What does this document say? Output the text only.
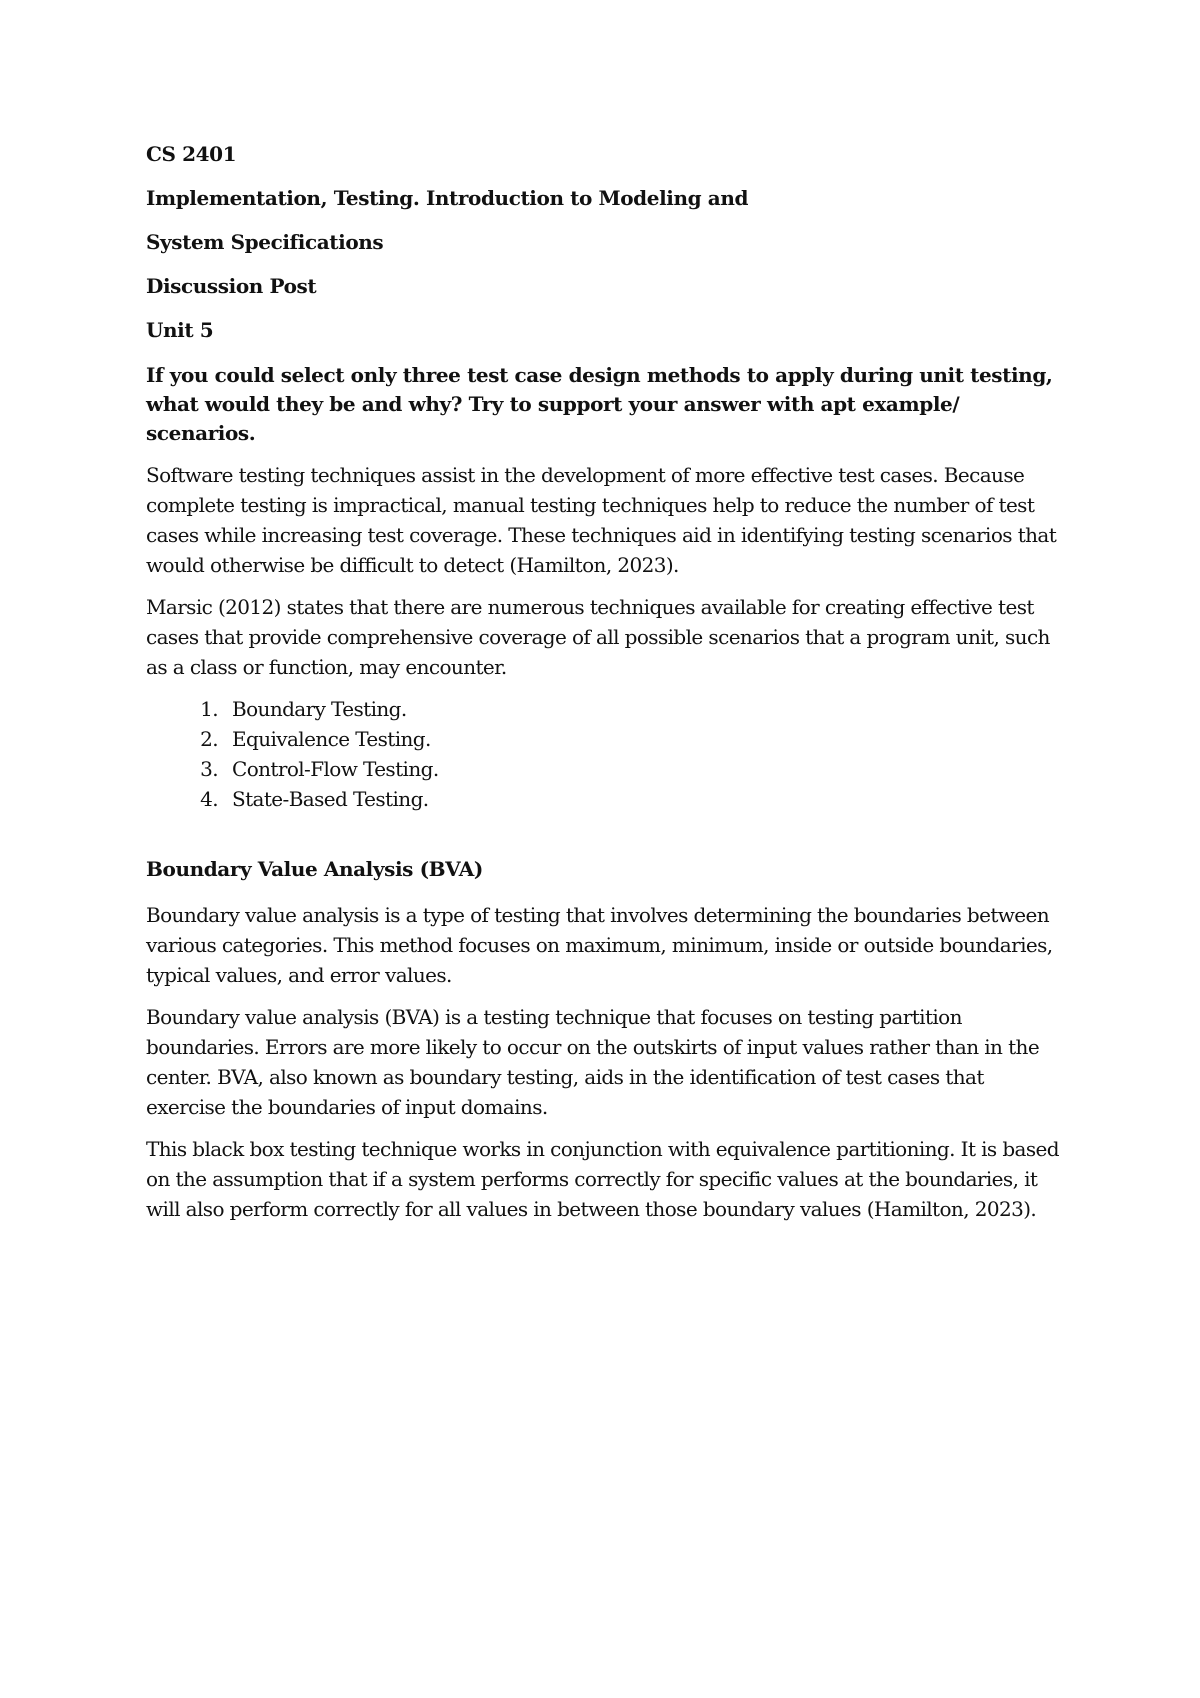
CS 2401
Implementation, Testing. Introduction to Modeling and
System Specifications
Discussion Post
Unit 5
If you could select only three test case design methods to apply during unit testing, what would they be and why? Try to support your answer with apt example/ scenarios.

Software testing techniques assist in the development of more effective test cases. Because complete testing is impractical, manual testing techniques help to reduce the number of test cases while increasing test coverage. These techniques aid in identifying testing scenarios that would otherwise be difficult to detect (Hamilton, 2023).

Marsic (2012) states that there are numerous techniques available for creating effective test cases that provide comprehensive coverage of all possible scenarios that a program unit, such as a class or function, may encounter.

1. Boundary Testing.
2. Equivalence Testing.
3. Control-Flow Testing.
4. State-Based Testing.
Boundary Value Analysis (BVA)

Boundary value analysis is a type of testing that involves determining the boundaries between various categories. This method focuses on maximum, minimum, inside or outside boundaries, typical values, and error values.

Boundary value analysis (BVA) is a testing technique that focuses on testing partition boundaries. Errors are more likely to occur on the outskirts of input values rather than in the center. BVA, also known as boundary testing, aids in the identification of test cases that exercise the boundaries of input domains.

This black box testing technique works in conjunction with equivalence partitioning. It is based on the assumption that if a system performs correctly for specific values at the boundaries, it will also perform correctly for all values in between those boundary values (Hamilton, 2023).
